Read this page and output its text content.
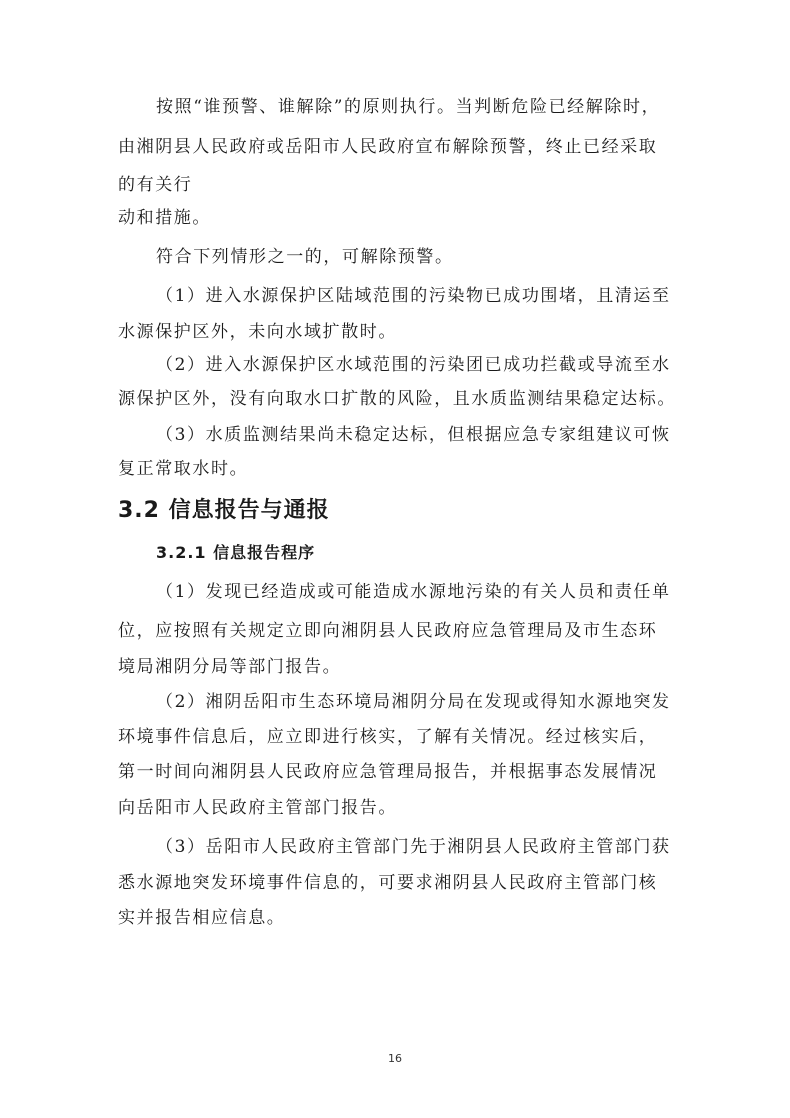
按照“谁预警、谁解除”的原则执行。当判断危险已经解除时，
由湘阴县人民政府或岳阳市人民政府宣布解除预警，终止已经采取
的有关行
动和措施。
符合下列情形之一的，可解除预警。
（1）进入水源保护区陆域范围的污染物已成功围堵，且清运至
水源保护区外，未向水域扩散时。
（2）进入水源保护区水域范围的污染团已成功拦截或导流至水
源保护区外，没有向取水口扩散的风险，且水质监测结果稳定达标。
（3）水质监测结果尚未稳定达标，但根据应急专家组建议可恢
复正常取水时。
3.2 信息报告与通报
3.2.1 信息报告程序
（1）发现已经造成或可能造成水源地污染的有关人员和责任单
位，应按照有关规定立即向湘阴县人民政府应急管理局及市生态环
境局湘阴分局等部门报告。
（2）湘阴岳阳市生态环境局湘阴分局在发现或得知水源地突发
环境事件信息后，应立即进行核实，了解有关情况。经过核实后，
第一时间向湘阴县人民政府应急管理局报告，并根据事态发展情况
向岳阳市人民政府主管部门报告。
（3）岳阳市人民政府主管部门先于湘阴县人民政府主管部门获
悉水源地突发环境事件信息的，可要求湘阴县人民政府主管部门核
实并报告相应信息。
16
